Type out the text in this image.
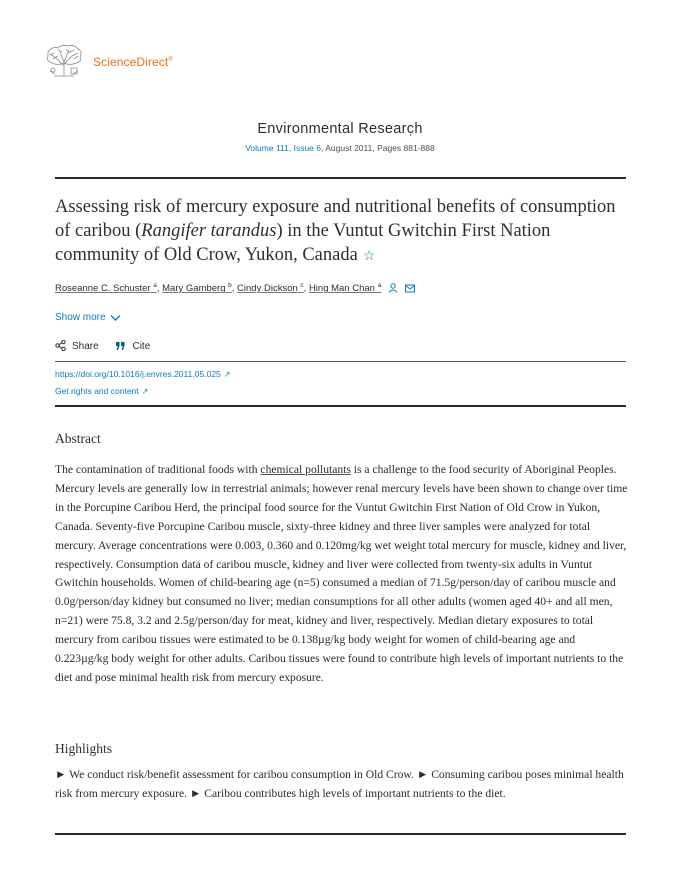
ScienceDirect®
Environmental Researc̣h
Volume 111, Issue 6, August 2011, Pages 881-888
Assessing risk of mercury exposure and nutritional benefits of consumption of caribou (Rangifer tarandus) in the Vuntut Gwitchin First Nation community of Old Crow, Yukon, Canada ☆
Roseanne C. Schuster $^a$, Mary Gamberg $^b$, Cindy Dickson $^c$, Hing Man Chan $^a$
Show more
Share	Cite
https://doi.org/10.1016/j.envres.2011.05.025 ↗
Get rights and content ↗
Abstract

The contamination of traditional foods with chemical pollutants is a challenge to the food security of Aboriginal Peoples. Mercury levels are generally low in terrestrial animals; however renal mercury levels have been shown to change over time in the Porcupine Caribou Herd, the principal food source for the Vuntut Gwitchin First Nation of Old Crow in Yukon, Canada. Seventy-five Porcupine Caribou muscle, sixty-three kidney and three liver samples were analyzed for total mercury. Average concentrations were 0.003, 0.360 and 0.120mg/kg wet weight total mercury for muscle, kidney and liver, respectively. Consumption data of caribou muscle, kidney and liver were collected from twenty-six adults in Vuntut Gwitchin households. Women of child-bearing age (n=5) consumed a median of 71.5g/person/day of caribou muscle and 0.0g/person/day kidney but consumed no liver; median consumptions for all other adults (women aged 40+ and all men, n=21) were 75.8, 3.2 and 2.5g/person/day for meat, kidney and liver, respectively. Median dietary exposures to total mercury from caribou tissues were estimated to be 0.138µg/kg body weight for women of child-bearing age and 0.223µg/kg body weight for other adults. Caribou tissues were found to contribute high levels of important nutrients to the diet and pose minimal health risk from mercury exposure.

Highlights

► We conduct risk/benefit assessment for caribou consumption in Old Crow. ► Consuming caribou poses minimal health risk from mercury exposure. ► Caribou contributes high levels of important nutrients to the diet.
